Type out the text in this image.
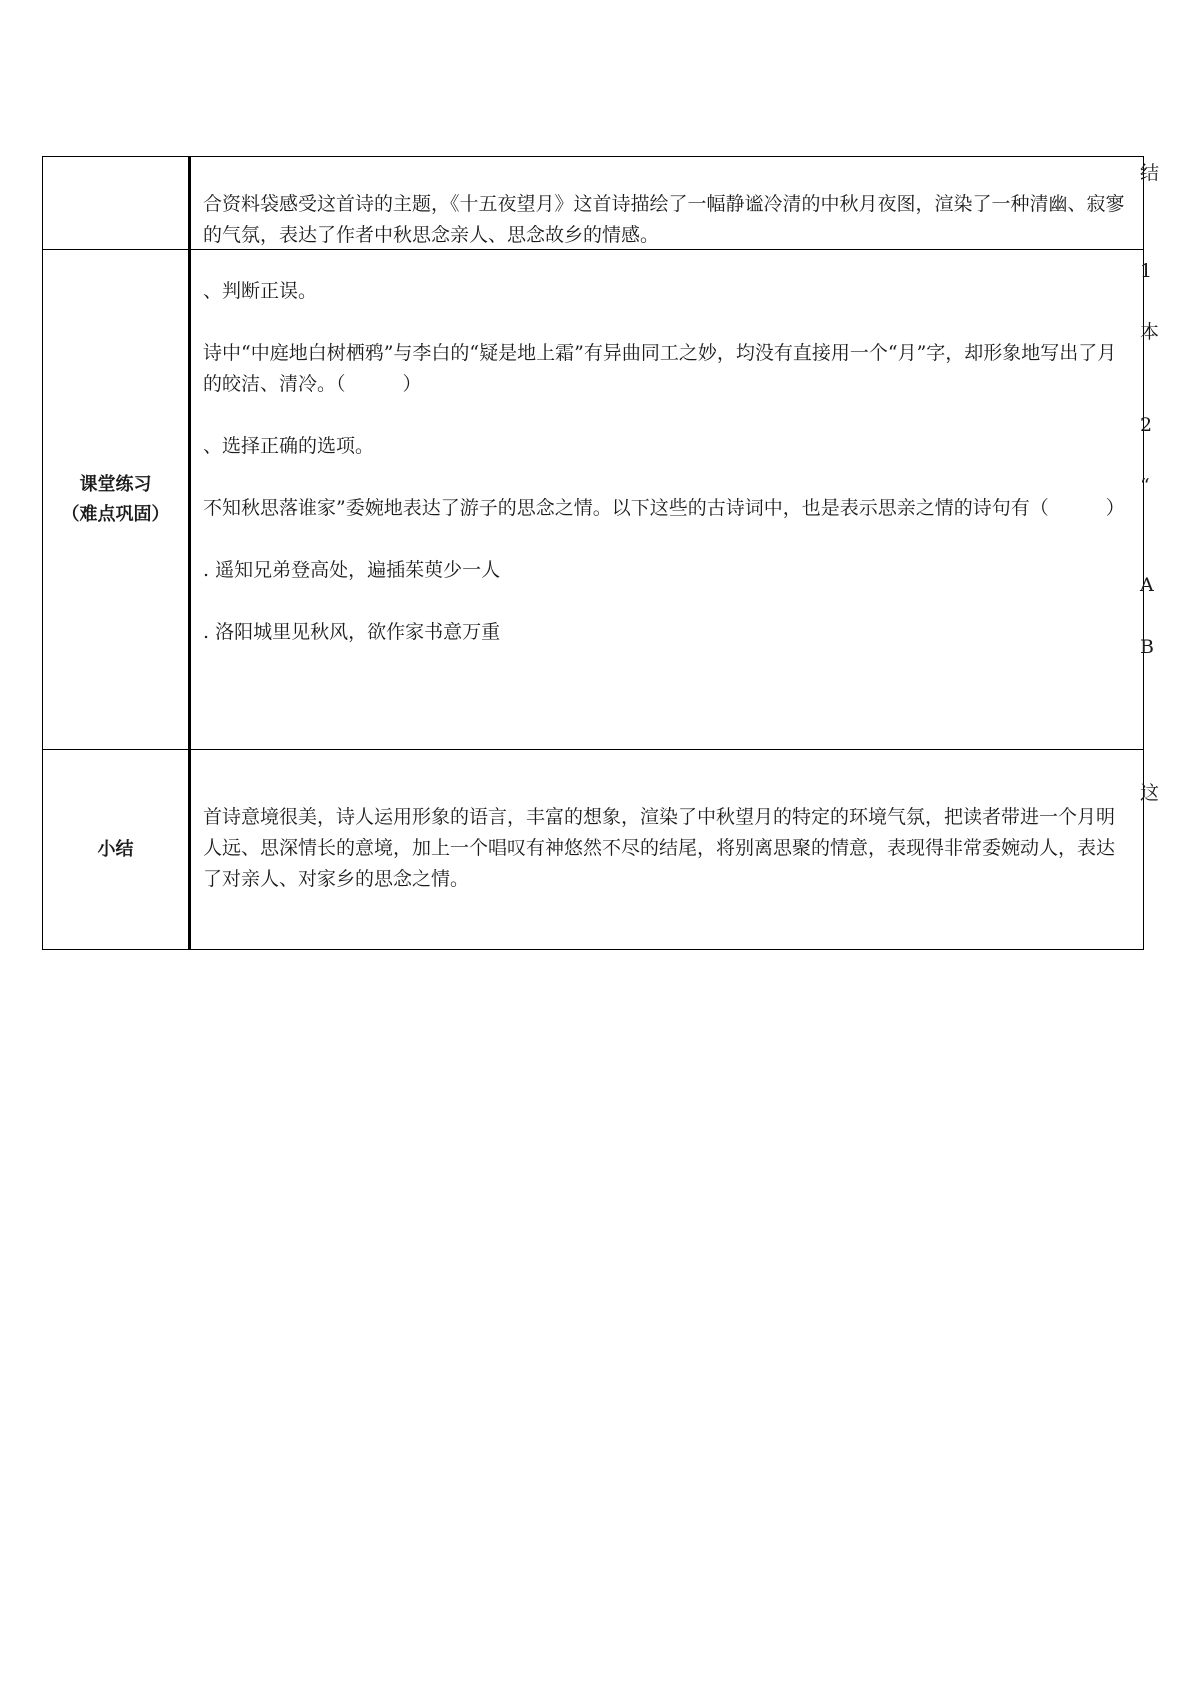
合资料袋感受这首诗的主题，《十五夜望月》这首诗描绘了一幅静谧冷清的中秋月夜图，渲染了一种清幽、寂寥的气氛，表达了作者中秋思念亲人、思念故乡的情感。

课堂练习
（难点巩固）

、判断正误。

诗中“中庭地白树栖鸦”与李白的“疑是地上霜”有异曲同工之妙，均没有直接用一个“月”字，却形象地写出了月的皎洁、清冷。（　　　）

、选择正确的选项。

不知秋思落谁家”委婉地表达了游子的思念之情。以下这些的古诗词中，也是表示思亲之情的诗句有（　　　）

. 遥知兄弟登高处，遍插茱萸少一人

. 洛阳城里见秋风，欲作家书意万重

小结

首诗意境很美，诗人运用形象的语言，丰富的想象，渲染了中秋望月的特定的环境气氛，把读者带进一个月明人远、思深情长的意境，加上一个唱叹有神悠然不尽的结尾，将别离思聚的情意，表现得非常委婉动人，表达了对亲人、对家乡的思念之情。

结
1
本
2
“
A
B
这
